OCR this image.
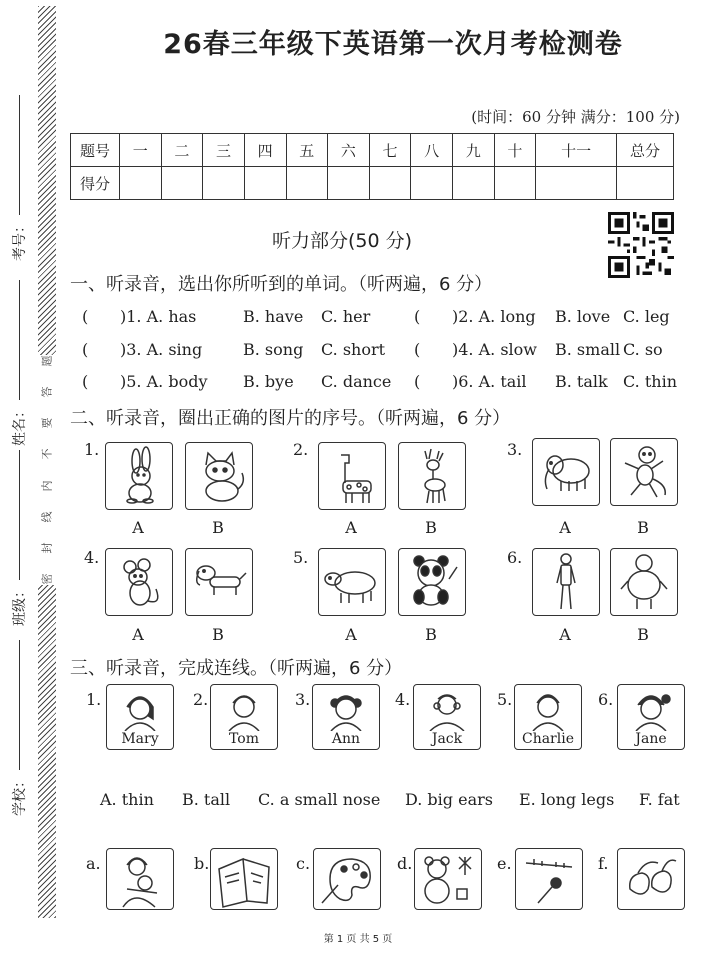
题
答
要
不
内
线
封
密
学校：
班级：
姓名：
考号：
26春三年级下英语第一次月考检测卷
(时间：60 分钟 满分：100 分)
题号	一	二	三	四	五	六	七	八	九	十	十一	总分
得分												
听力部分(50 分)
一、听录音，选出你所听到的单词。（听两遍，6 分）
( )1. A. has	B. have C. her	( )2. A. long B. love C. leg
( )3. A. sing	B. song C. short ( )4. A. slow B. small C. so
( )5. A. body B. bye C. dance ( )6. A. tail B. talk C. thin
二、听录音，圈出正确的图片的序号。（听两遍，6 分）
1.
A	B
2.
A	B
3.
A	B
4.
A	B
5.
A	B
6.
A	B
三、听录音，完成连线。（听两遍，6 分）
1.
Mary
2.
Tom
3.
Ann
4.
Jack
5.
Charlie
6.
Jane
A. thin B. tall C. a small nose D. big ears E. long legs F. fat
a.	b.	c.	d.	e.	f.
第 1 页 共 5 页
